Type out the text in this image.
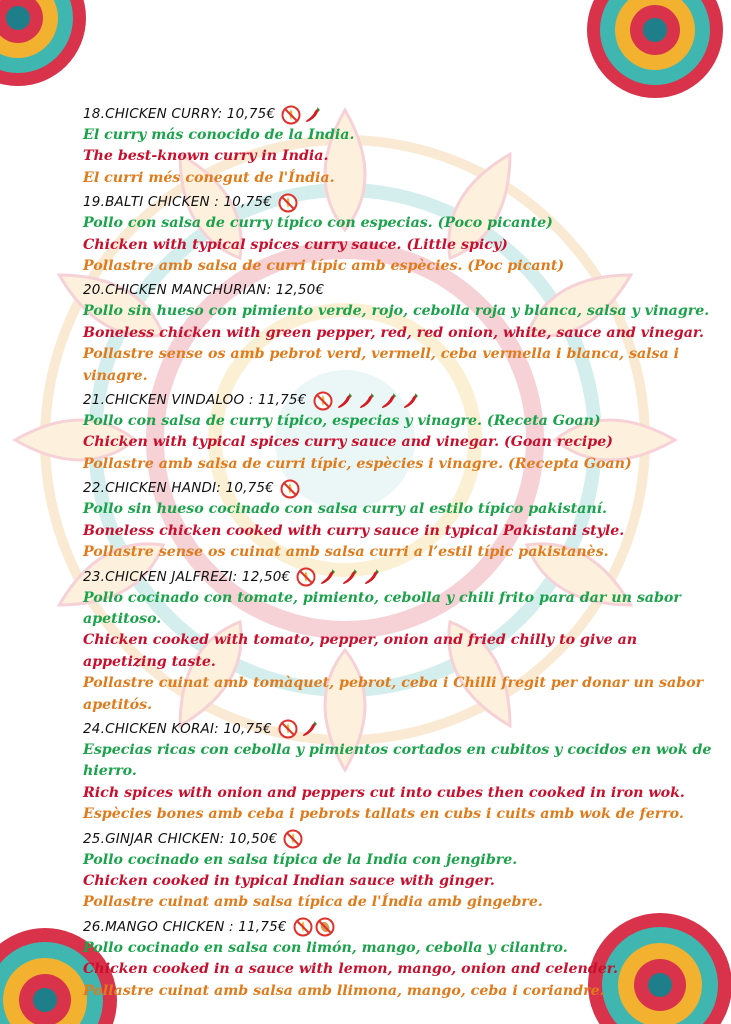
18.CHICKEN CURRY: 10,75€
El curry más conocido de la India.
The best-known curry in India.
El curri més conegut de l'Índia.
19.BALTI CHICKEN : 10,75€
Pollo con salsa de curry típico con especias. (Poco picante)
Chicken with typical spices curry sauce. (Little spicy)
Pollastre amb salsa de curri típic amb espècies. (Poc picant)
20.CHICKEN MANCHURIAN: 12,50€
Pollo sin hueso con pimiento verde, rojo, cebolla roja y blanca, salsa y vinagre.
Boneless chicken with green pepper, red, red onion, white, sauce and vinegar.
Pollastre sense os amb pebrot verd, vermell, ceba vermella i blanca, salsa i vinagre.
21.CHICKEN VINDALOO : 11,75€
Pollo con salsa de curry típico, especias y vinagre. (Receta Goan)
Chicken with typical spices curry sauce and vinegar. (Goan recipe)
Pollastre amb salsa de curri típic, espècies i vinagre. (Recepta Goan)
22.CHICKEN HANDI: 10,75€
Pollo sin hueso cocinado con salsa curry al estilo típico pakistaní.
Boneless chicken cooked with curry sauce in typical Pakistani style.
Pollastre sense os cuinat amb salsa curri a l’estil típic pakistanès.
23.CHICKEN JALFREZI: 12,50€
Pollo cocinado con tomate, pimiento, cebolla y chili frito para dar un sabor apetitoso.
Chicken cooked with tomato, pepper, onion and fried chilly to give an appetizing taste.
Pollastre cuinat amb tomàquet, pebrot, ceba i Chilli fregit per donar un sabor apetitós.
24.CHICKEN KORAI: 10,75€
Especias ricas con cebolla y pimientos cortados en cubitos y cocidos en wok de hierro.
Rich spices with onion and peppers cut into cubes then cooked in iron wok.
Espècies bones amb ceba i pebrots tallats en cubs i cuits amb wok de ferro.
25.GINJAR CHICKEN: 10,50€
Pollo cocinado en salsa típica de la India con jengibre.
Chicken cooked in typical Indian sauce with ginger.
Pollastre cuinat amb salsa típica de l'Índia amb gingebre.
26.MANGO CHICKEN : 11,75€
Pollo cocinado en salsa con limón, mango, cebolla y cilantro.
Chicken cooked in a sauce with lemon, mango, onion and celender.
Pollastre cuinat amb salsa amb llimona, mango, ceba i coriandre.
